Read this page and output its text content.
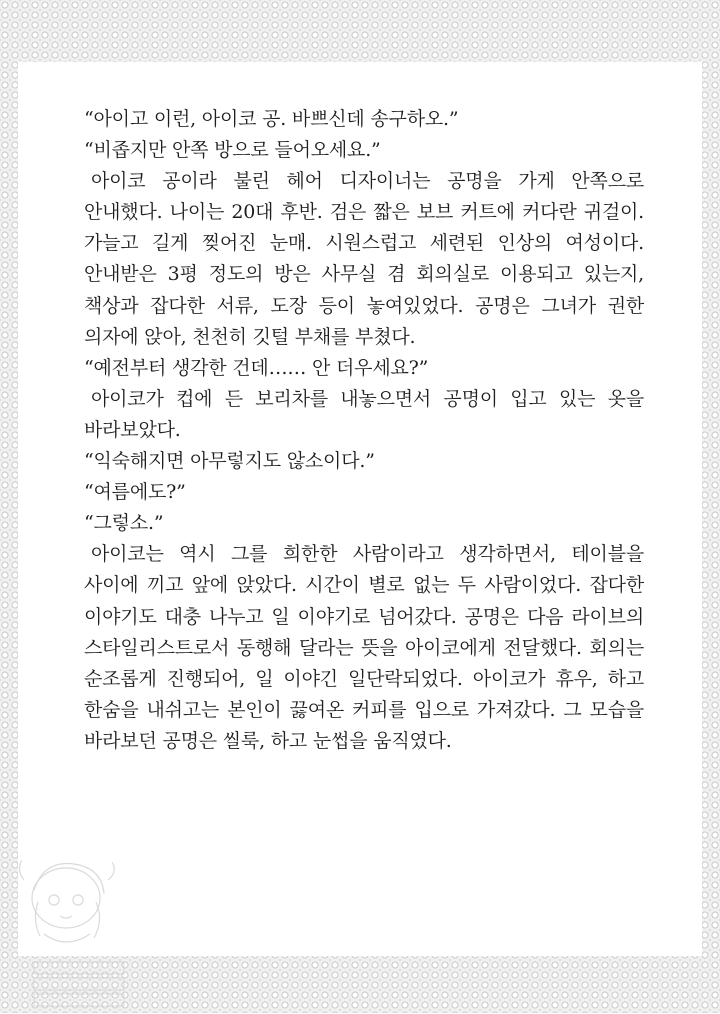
“아이고 이런, 아이코 공. 바쁘신데 송구하오.”

“비좁지만 안쪽 방으로 들어오세요.”

아이코 공이라 불린 헤어 디자이너는 공명을 가게 안쪽으로 안내했다. 나이는 20대 후반. 검은 짧은 보브 커트에 커다란 귀걸이. 가늘고 길게 찢어진 눈매. 시원스럽고 세련된 인상의 여성이다. 안내받은 3평 정도의 방은 사무실 겸 회의실로 이용되고 있는지, 책상과 잡다한 서류, 도장 등이 놓여있었다. 공명은 그녀가 권한 의자에 앉아, 천천히 깃털 부채를 부쳤다.

“예전부터 생각한 건데…… 안 더우세요?”

아이코가 컵에 든 보리차를 내놓으면서 공명이 입고 있는 옷을 바라보았다.

“익숙해지면 아무렇지도 않소이다.”

“여름에도?”

“그렇소.”

아이코는 역시 그를 희한한 사람이라고 생각하면서, 테이블을 사이에 끼고 앞에 앉았다. 시간이 별로 없는 두 사람이었다. 잡다한 이야기도 대충 나누고 일 이야기로 넘어갔다. 공명은 다음 라이브의 스타일리스트로서 동행해 달라는 뜻을 아이코에게 전달했다. 회의는 순조롭게 진행되어, 일 이야긴 일단락되었다. 아이코가 휴우, 하고 한숨을 내쉬고는 본인이 끓여온 커피를 입으로 가져갔다. 그 모습을 바라보던 공명은 씰룩, 하고 눈썹을 움직였다.
